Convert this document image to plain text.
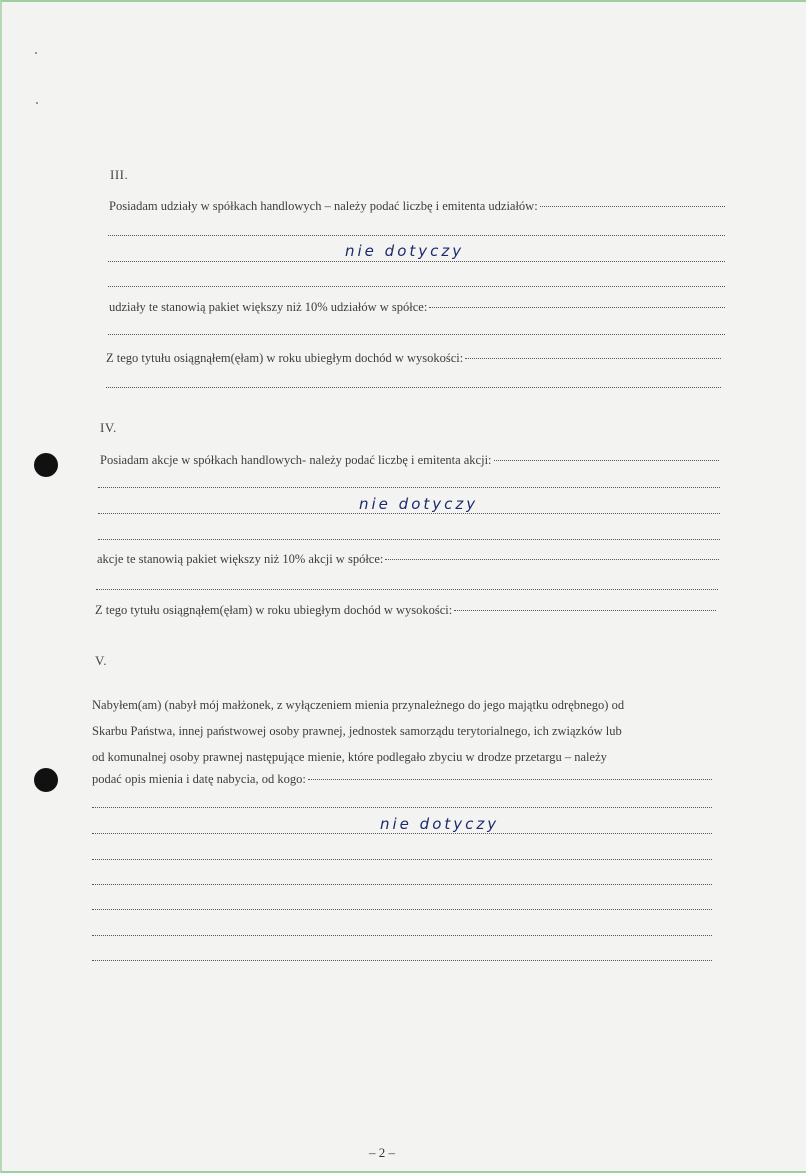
III.
Posiadam udziały w spółkach handlowych – należy podać liczbę i emitenta udziałów:
nie dotyczy
udziały te stanowią pakiet większy niż 10% udziałów w spółce:
Z tego tytułu osiągnąłem(ęłam) w roku ubiegłym dochód w wysokości:
IV.
Posiadam akcje w spółkach handlowych- należy podać liczbę i emitenta akcji:
nie dotyczy
akcje te stanowią pakiet większy niż 10% akcji w spółce:
Z tego tytułu osiągnąłem(ęłam) w roku ubiegłym dochód w wysokości:
V.
Nabyłem(am) (nabył mój małżonek, z wyłączeniem mienia przynależnego do jego majątku odrębnego) od
Skarbu Państwa, innej państwowej osoby prawnej, jednostek samorządu terytorialnego, ich związków lub
od komunalnej osoby prawnej następujące mienie, które podlegało zbyciu w drodze przetargu – należy
podać opis mienia i datę nabycia, od kogo:
nie dotyczy
– 2 –
